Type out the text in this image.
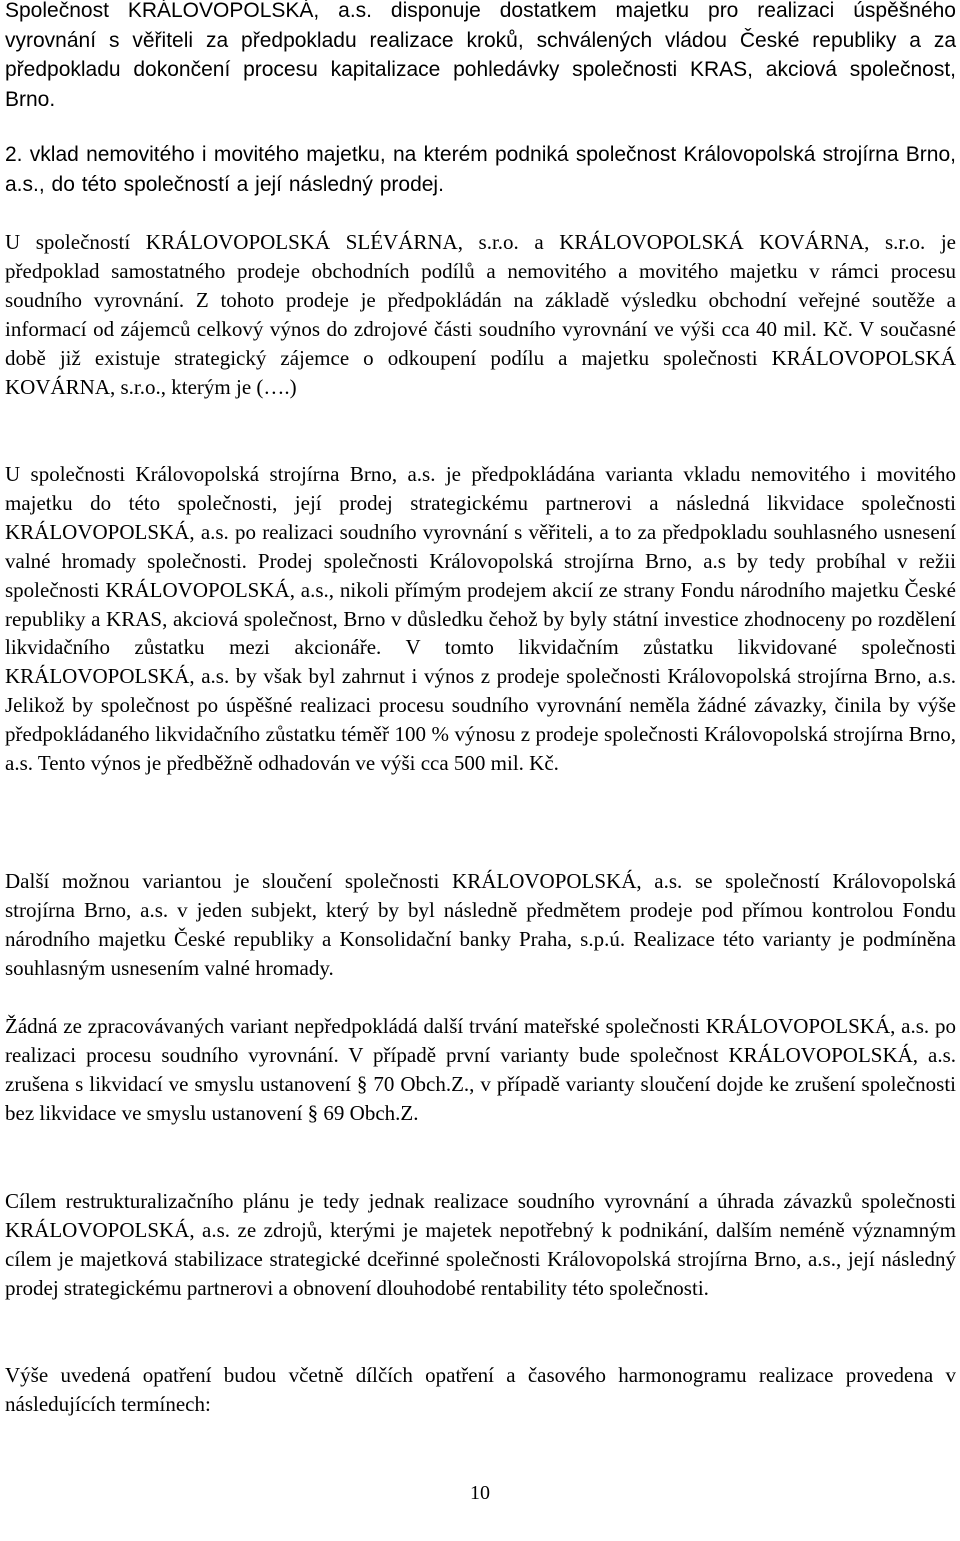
Společnost KRÁLOVOPOLSKÁ, a.s. disponuje dostatkem majetku pro realizaci úspěšného vyrovnání s věřiteli za předpokladu realizace kroků, schválených vládou České republiky a za předpokladu dokončení procesu kapitalizace pohledávky společnosti KRAS, akciová společnost, Brno.

2. vklad nemovitého i movitého majetku, na kterém podniká společnost Královopolská strojírna Brno, a.s., do této společností a její následný prodej.

U společností KRÁLOVOPOLSKÁ SLÉVÁRNA, s.r.o. a KRÁLOVOPOLSKÁ KOVÁRNA, s.r.o. je předpoklad samostatného prodeje obchodních podílů a nemovitého a movitého majetku v rámci procesu soudního vyrovnání. Z tohoto prodeje je předpokládán na základě výsledku obchodní veřejné soutěže a informací od zájemců celkový výnos do zdrojové části soudního vyrovnání ve výši cca 40 mil. Kč. V současné době již existuje strategický zájemce o odkoupení podílu a majetku společnosti KRÁLOVOPOLSKÁ KOVÁRNA, s.r.o., kterým je (….)

U společnosti Královopolská strojírna Brno, a.s. je předpokládána varianta vkladu nemovitého i movitého majetku do této společnosti, její prodej strategickému partnerovi a následná likvidace společnosti KRÁLOVOPOLSKÁ, a.s. po realizaci soudního vyrovnání s věřiteli, a to za předpokladu souhlasného usnesení valné hromady společnosti. Prodej společnosti Královopolská strojírna Brno, a.s by tedy probíhal v režii společnosti KRÁLOVOPOLSKÁ, a.s., nikoli přímým prodejem akcií ze strany Fondu národního majetku České republiky a KRAS, akciová společnost, Brno v důsledku čehož by byly státní investice zhodnoceny po rozdělení likvidačního zůstatku mezi akcionáře. V tomto likvidačním zůstatku likvidované společnosti KRÁLOVOPOLSKÁ, a.s. by však byl zahrnut i výnos z prodeje společnosti Královopolská strojírna Brno, a.s. Jelikož by společnost po úspěšné realizaci procesu soudního vyrovnání neměla žádné závazky, činila by výše předpokládaného likvidačního zůstatku téměř 100 % výnosu z prodeje společnosti Královopolská strojírna Brno, a.s. Tento výnos je předběžně odhadován ve výši cca 500 mil. Kč.

Další možnou variantou je sloučení společnosti KRÁLOVOPOLSKÁ, a.s. se společností Královopolská strojírna Brno, a.s. v jeden subjekt, který by byl následně předmětem prodeje pod přímou kontrolou Fondu národního majetku České republiky a Konsolidační banky Praha, s.p.ú. Realizace této varianty je podmíněna souhlasným usnesením valné hromady.

Žádná ze zpracovávaných variant nepředpokládá další trvání mateřské společnosti KRÁLOVOPOLSKÁ, a.s. po realizaci procesu soudního vyrovnání. V případě první varianty bude společnost KRÁLOVOPOLSKÁ, a.s. zrušena s likvidací ve smyslu ustanovení § 70 Obch.Z., v případě varianty sloučení dojde ke zrušení společnosti bez likvidace ve smyslu ustanovení § 69 Obch.Z.

Cílem restrukturalizačního plánu je tedy jednak realizace soudního vyrovnání a úhrada závazků společnosti KRÁLOVOPOLSKÁ, a.s. ze zdrojů, kterými je majetek nepotřebný k podnikání, dalším neméně významným cílem je majetková stabilizace strategické dceřinné společnosti Královopolská strojírna Brno, a.s., její následný prodej strategickému partnerovi a obnovení dlouhodobé rentability této společnosti.

Výše uvedená opatření budou včetně dílčích opatření a časového harmonogramu realizace provedena v následujících termínech:

10
